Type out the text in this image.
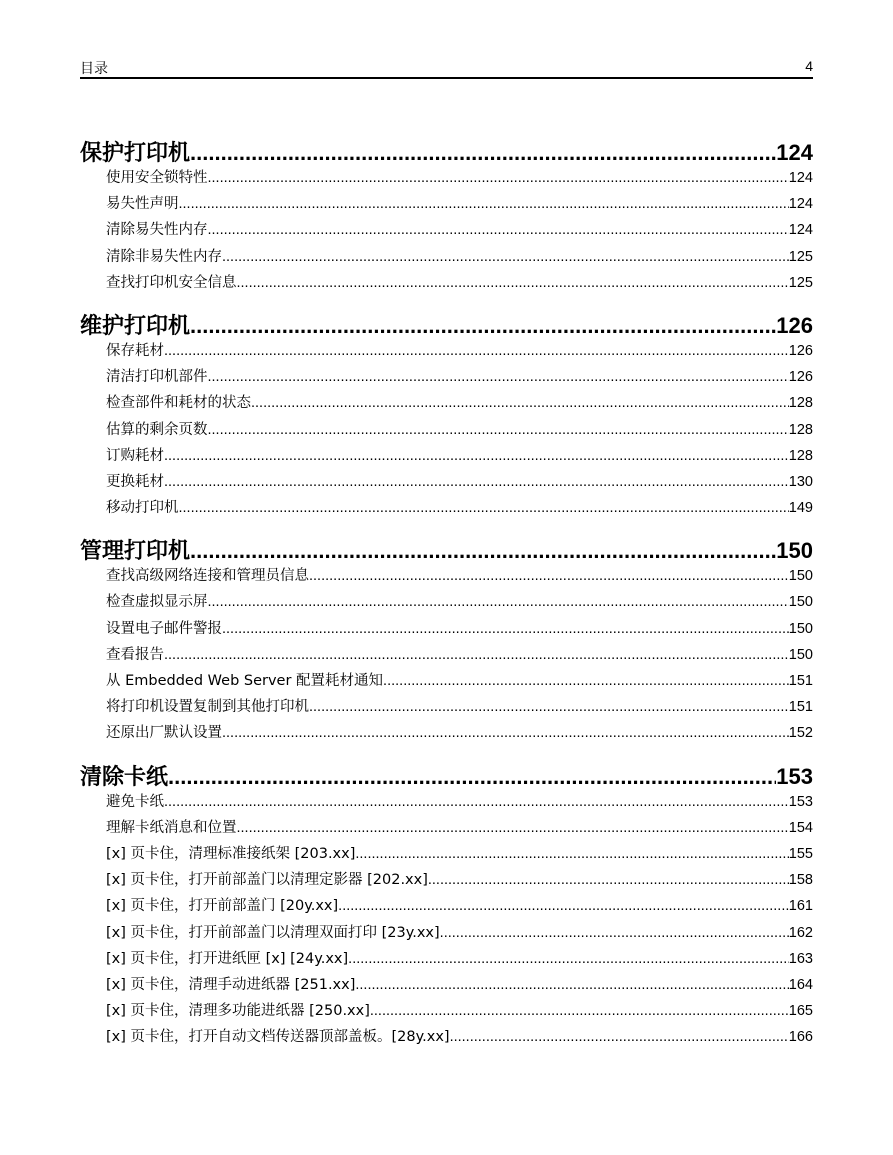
目录	4
保护打印机 .....	124
使用安全锁特性 .....	124
易失性声明 .....	124
清除易失性内存 .....	124
清除非易失性内存 .....	125
查找打印机安全信息 .....	125
维护打印机 .....	126
保存耗材 .....	126
清洁打印机部件 .....	126
检查部件和耗材的状态 .....	128
估算的剩余页数 .....	128
订购耗材 .....	128
更换耗材 .....	130
移动打印机 .....	149
管理打印机 .....	150
查找高级网络连接和管理员信息 .....	150
检查虚拟显示屏 .....	150
设置电子邮件警报 .....	150
查看报告 .....	150
从 Embedded Web Server 配置耗材通知 .....	151
将打印机设置复制到其他打印机 .....	151
还原出厂默认设置 .....	152
清除卡纸 .....	153
避免卡纸 .....	153
理解卡纸消息和位置 .....	154
[x] 页卡住，清理标准接纸架 [203.xx] .....	155
[x] 页卡住，打开前部盖门以清理定影器 [202.xx] .....	158
[x] 页卡住，打开前部盖门 [20y.xx] .....	161
[x] 页卡住，打开前部盖门以清理双面打印 [23y.xx] .....	162
[x] 页卡住，打开进纸匣 [x] [24y.xx] .....	163
[x] 页卡住，清理手动进纸器 [251.xx] .....	164
[x] 页卡住，清理多功能进纸器 [250.xx] .....	165
[x] 页卡住，打开自动文档传送器顶部盖板。[28y.xx] .....	166
